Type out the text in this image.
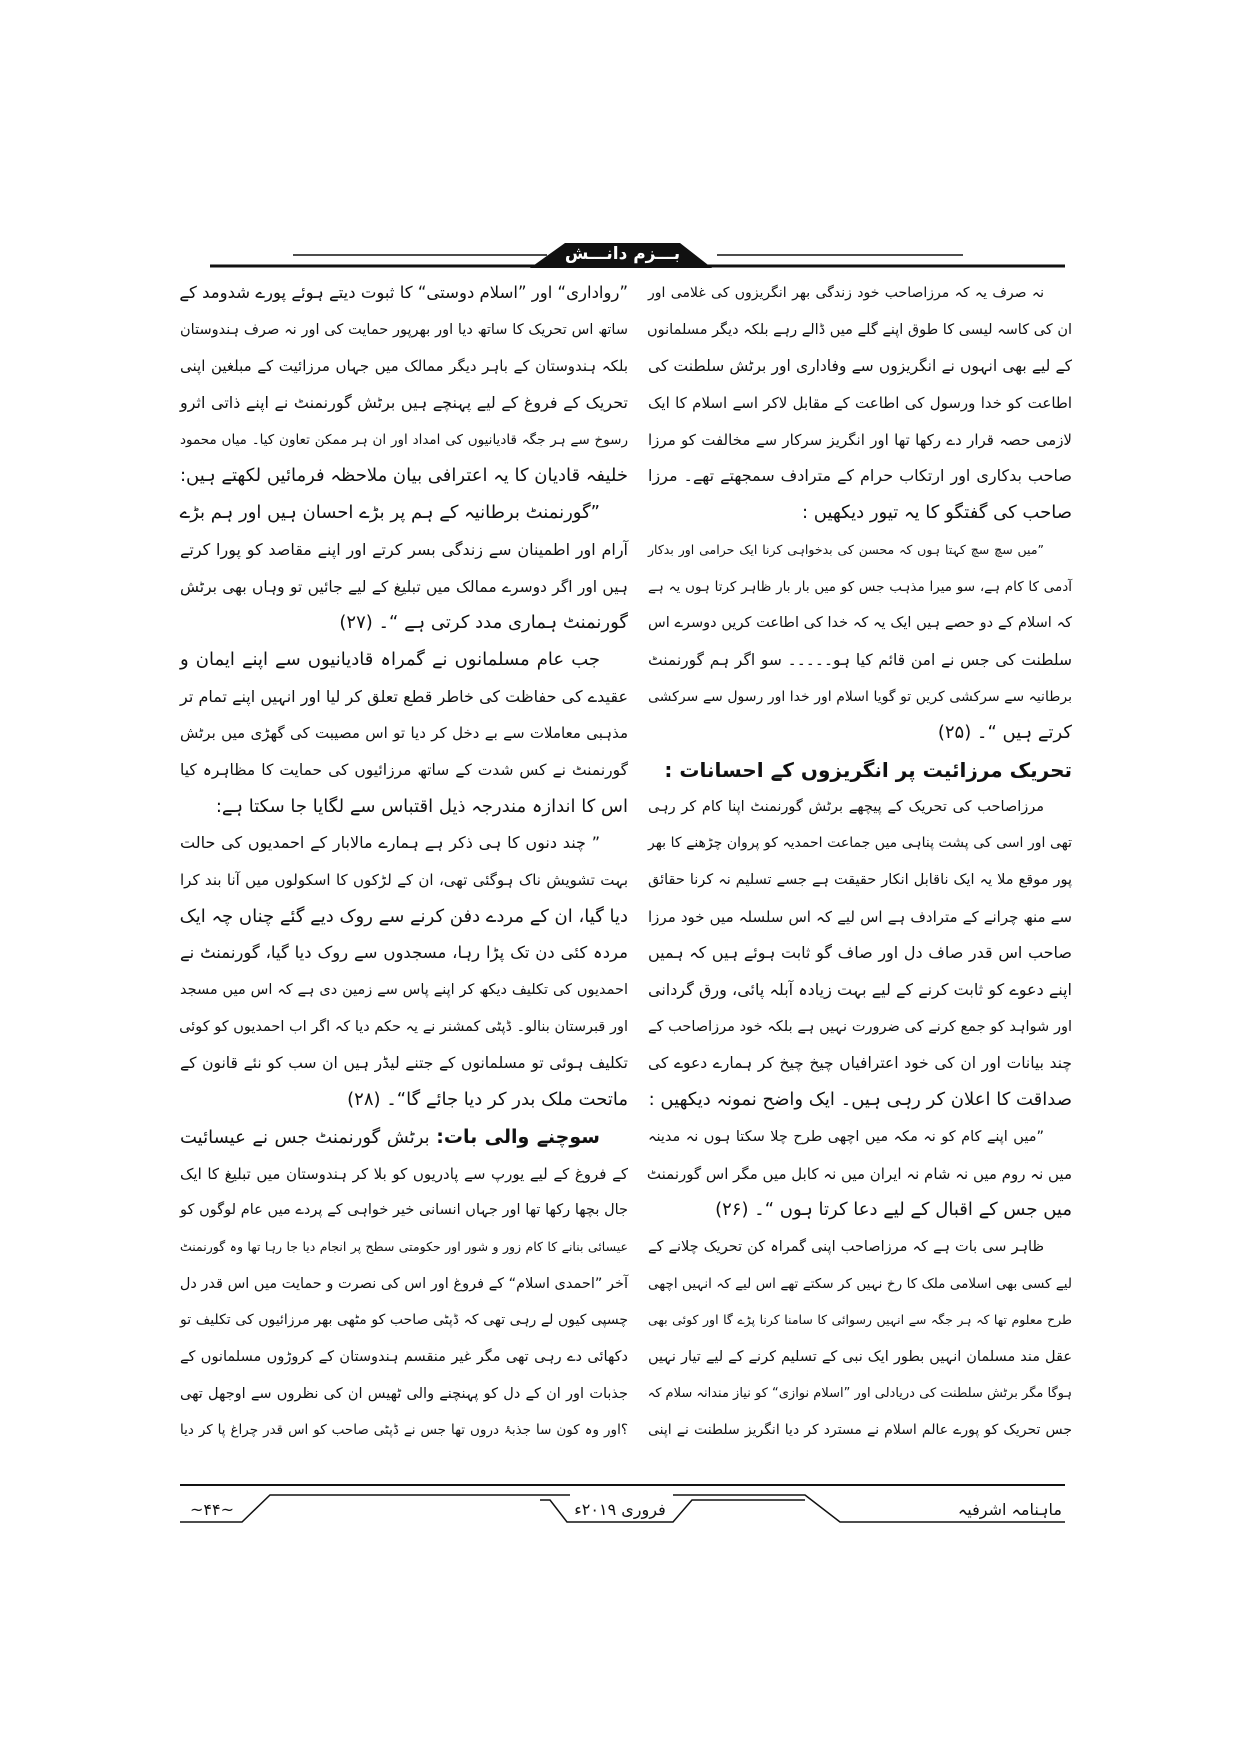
بـــزم دانـــش
نہ صرف یہ کہ مرزاصاحب خود زندگی بھر انگریزوں کی غلامی اور
ان کی کاسہ لیسی کا طوق اپنے گلے میں ڈالے رہے بلکہ دیگر مسلمانوں
کے لیے بھی انہوں نے انگریزوں سے وفاداری اور برٹش سلطنت کی
اطاعت کو خدا ورسول کی اطاعت کے مقابل لاکر اسے اسلام کا ایک
لازمی حصہ قرار دے رکھا تھا اور انگریز سرکار سے مخالفت کو مرزا
صاحب بدکاری اور ارتکاب حرام کے مترادف سمجھتے تھے۔ مرزا
صاحب کی گفتگو کا یہ تیور دیکھیں :
”میں سچ سچ کہتا ہوں کہ محسن کی بدخواہی کرنا ایک حرامی اور بدکار
آدمی کا کام ہے، سو میرا مذہب جس کو میں بار بار ظاہر کرتا ہوں یہ ہے
کہ اسلام کے دو حصے ہیں ایک یہ کہ خدا کی اطاعت کریں دوسرے اس
سلطنت کی جس نے امن قائم کیا ہو۔۔۔۔۔ سو اگر ہم گورنمنٹ
برطانیہ سے سرکشی کریں تو گویا اسلام اور خدا اور رسول سے سرکشی
کرتے ہیں “۔ (۲۵)
تحریک مرزائیت پر انگریزوں کے احسانات :
مرزاصاحب کی تحریک کے پیچھے برٹش گورنمنٹ اپنا کام کر رہی
تھی اور اسی کی پشت پناہی میں جماعت احمدیہ کو پروان چڑھنے کا بھر
پور موقع ملا یہ ایک ناقابل انکار حقیقت ہے جسے تسلیم نہ کرنا حقائق
سے منھ چرانے کے مترادف ہے اس لیے کہ اس سلسلہ میں خود مرزا
صاحب اس قدر صاف دل اور صاف گو ثابت ہوئے ہیں کہ ہمیں
اپنے دعوے کو ثابت کرنے کے لیے بہت زیادہ آبلہ پائی، ورق گردانی
اور شواہد کو جمع کرنے کی ضرورت نہیں ہے بلکہ خود مرزاصاحب کے
چند بیانات اور ان کی خود اعترافیاں چیخ چیخ کر ہمارے دعوے کی
صداقت کا اعلان کر رہی ہیں۔ ایک واضح نمونہ دیکھیں :
”میں اپنے کام کو نہ مکہ میں اچھی طرح چلا سکتا ہوں نہ مدینہ
میں نہ روم میں نہ شام نہ ایران میں نہ کابل میں مگر اس گورنمنٹ
میں جس کے اقبال کے لیے دعا کرتا ہوں “۔ (۲۶)
ظاہر سی بات ہے کہ مرزاصاحب اپنی گمراہ کن تحریک چلانے کے
لیے کسی بھی اسلامی ملک کا رخ نہیں کر سکتے تھے اس لیے کہ انہیں اچھی
طرح معلوم تھا کہ ہر جگہ سے انہیں رسوائی کا سامنا کرنا پڑے گا اور کوئی بھی
عقل مند مسلمان انہیں بطور ایک نبی کے تسلیم کرنے کے لیے تیار نہیں
ہوگا مگر برٹش سلطنت کی دریادلی اور ”اسلام نوازی“ کو نیاز مندانہ سلام کہ
جس تحریک کو پورے عالم اسلام نے مسترد کر دیا انگریز سلطنت نے اپنی
”رواداری“ اور ”اسلام دوستی“ کا ثبوت دیتے ہوئے پورے شدومد کے
ساتھ اس تحریک کا ساتھ دیا اور بھرپور حمایت کی اور نہ صرف ہندوستان
بلکہ ہندوستان کے باہر دیگر ممالک میں جہاں مرزائیت کے مبلغین اپنی
تحریک کے فروغ کے لیے پہنچے ہیں برٹش گورنمنٹ نے اپنے ذاتی اثرو
رسوخ سے ہر جگہ قادیانیوں کی امداد اور ان ہر ممکن تعاون کیا۔ میاں محمود
خلیفہ قادیان کا یہ اعترافی بیان ملاحظہ فرمائیں لکھتے ہیں:
”گورنمنٹ برطانیہ کے ہم پر بڑے احسان ہیں اور ہم بڑے
آرام اور اطمینان سے زندگی بسر کرتے اور اپنے مقاصد کو پورا کرتے
ہیں اور اگر دوسرے ممالک میں تبلیغ کے لیے جائیں تو وہاں بھی برٹش
گورنمنٹ ہماری مدد کرتی ہے “۔ (۲۷)
جب عام مسلمانوں نے گمراہ قادیانیوں سے اپنے ایمان و
عقیدے کی حفاظت کی خاطر قطع تعلق کر لیا اور انہیں اپنے تمام تر
مذہبی معاملات سے بے دخل کر دیا تو اس مصیبت کی گھڑی میں برٹش
گورنمنٹ نے کس شدت کے ساتھ مرزائیوں کی حمایت کا مظاہرہ کیا
اس کا اندازہ مندرجہ ذیل اقتباس سے لگایا جا سکتا ہے:
” چند دنوں کا ہی ذکر ہے ہمارے مالابار کے احمدیوں کی حالت
بہت تشویش ناک ہوگئی تھی، ان کے لڑکوں کا اسکولوں میں آنا بند کرا
دیا گیا، ان کے مردے دفن کرنے سے روک دیے گئے چناں چہ ایک
مردہ کئی دن تک پڑا رہا، مسجدوں سے روک دیا گیا، گورنمنٹ نے
احمدیوں کی تکلیف دیکھ کر اپنے پاس سے زمین دی ہے کہ اس میں مسجد
اور قبرستان بنالو۔ ڈپٹی کمشنر نے یہ حکم دیا کہ اگر اب احمدیوں کو کوئی
تکلیف ہوئی تو مسلمانوں کے جتنے لیڈر ہیں ان سب کو نئے قانون کے
ماتحت ملک بدر کر دیا جائے گا“۔ (۲۸)
سوچنے والی بات: برٹش گورنمنٹ جس نے عیسائیت
کے فروغ کے لیے یورپ سے پادریوں کو بلا کر ہندوستان میں تبلیغ کا ایک
جال بچھا رکھا تھا اور جہاں انسانی خیر خواہی کے پردے میں عام لوگوں کو
عیسائی بنانے کا کام زور و شور اور حکومتی سطح پر انجام دیا جا رہا تھا وہ گورنمنٹ
آخر ”احمدی اسلام“ کے فروغ اور اس کی نصرت و حمایت میں اس قدر دل
چسپی کیوں لے رہی تھی کہ ڈپٹی صاحب کو مٹھی بھر مرزائیوں کی تکلیف تو
دکھائی دے رہی تھی مگر غیر منقسم ہندوستان کے کروڑوں مسلمانوں کے
جذبات اور ان کے دل کو پہنچنے والی ٹھیس ان کی نظروں سے اوجھل تھی
؟اور وہ کون سا جذبۂ دروں تھا جس نے ڈپٹی صاحب کو اس قدر چراغ پا کر دیا
ماہنامہ اشرفیہ
فروری ۲۰۱۹ء
~۴۴~
